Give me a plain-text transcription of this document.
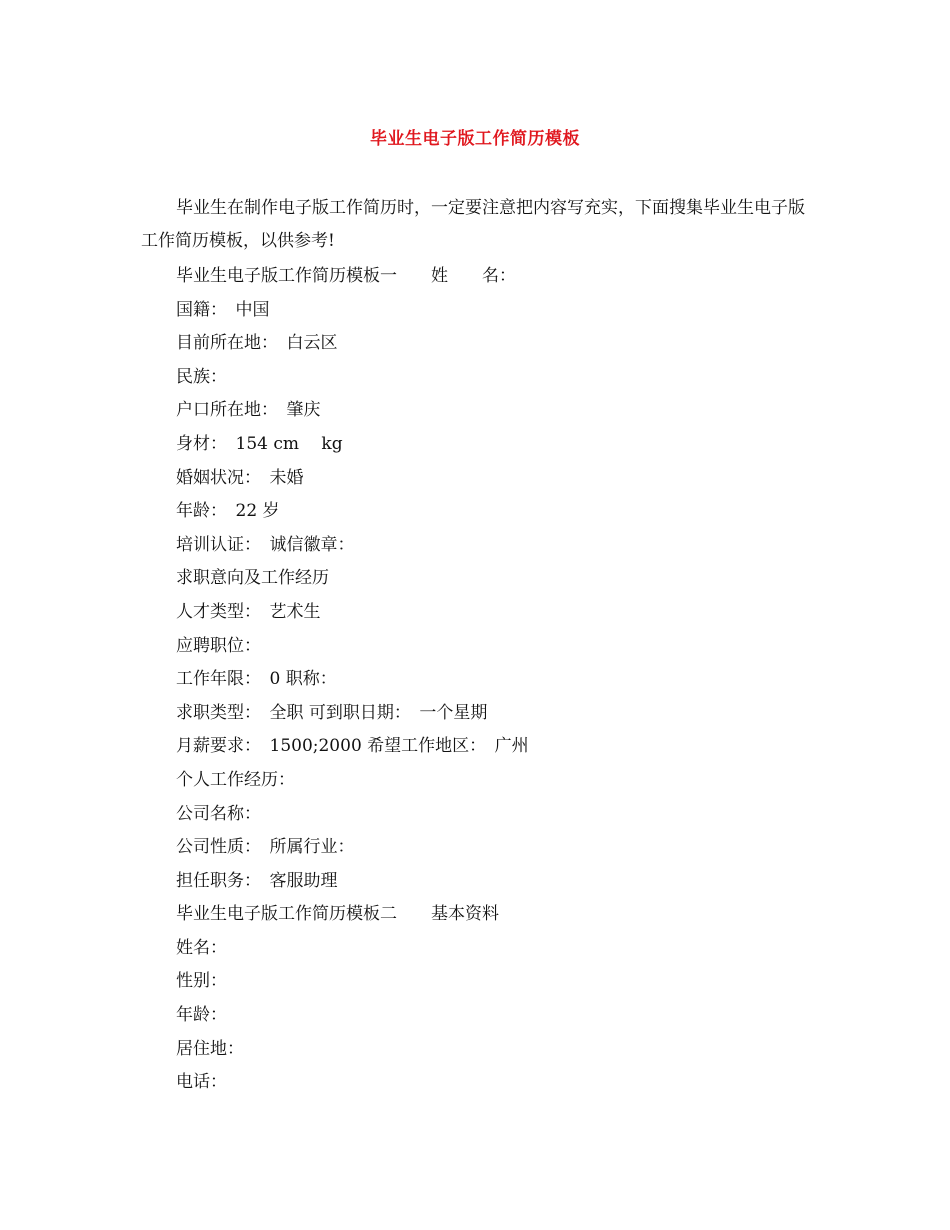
毕业生电子版工作简历模板
毕业生在制作电子版工作简历时，一定要注意把内容写充实，下面搜集毕业生电子版工作简历模板，以供参考!
毕业生电子版工作简历模板一　　姓　　名：
国籍：　中国
目前所在地：　白云区
民族：
户口所在地：　肇庆
身材：　154 cm　 kg
婚姻状况：　未婚
年龄：　22 岁
培训认证：　诚信徽章：
求职意向及工作经历
人才类型：　艺术生
应聘职位：
工作年限：　0 职称：
求职类型：　全职 可到职日期：　一个星期
月薪要求：　1500;2000 希望工作地区：　广州
个人工作经历：
公司名称：
公司性质：　所属行业：
担任职务：　客服助理
毕业生电子版工作简历模板二　　基本资料
姓名：
性别：
年龄：
居住地：
电话：
